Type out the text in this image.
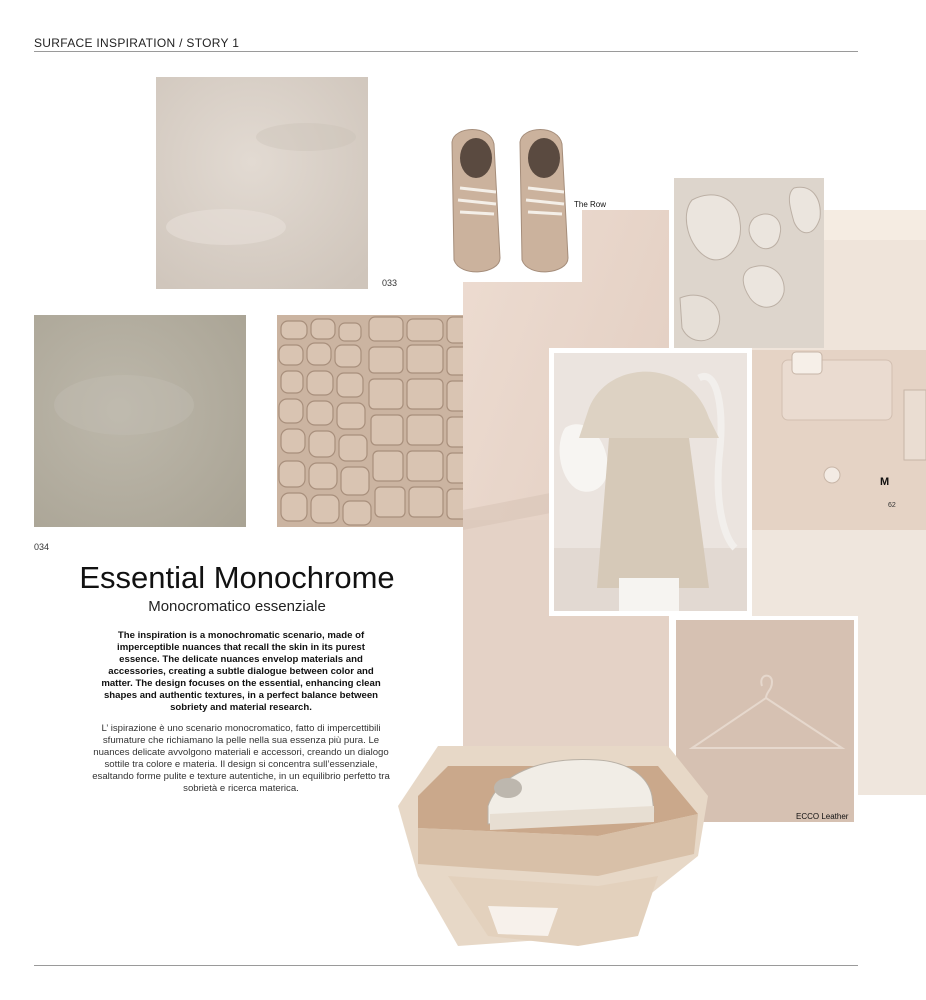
SURFACE INSPIRATION / STORY 1
033
034
M
62
The Row
ECCO Leather
Essential Monochrome
Monocromatico essenziale
The inspiration is a monochromatic scenario, made of imperceptible nuances that recall the skin in its purest essence. The delicate nuances envelop materials and accessories, creating a subtle dialogue between color and matter. The design focuses on the essential, enhancing clean shapes and authentic textures, in a perfect balance between sobriety and material research.
L’ ispirazione è uno scenario monocromatico, fatto di impercettibili sfumature che richiamano la pelle nella sua essenza più pura. Le nuances delicate avvolgono materiali e accessori, creando un dialogo sottile tra colore e materia. Il design si concentra sull’essenziale, esaltando forme pulite e texture autentiche, in un equilibrio perfetto tra sobrietà e ricerca materica.
